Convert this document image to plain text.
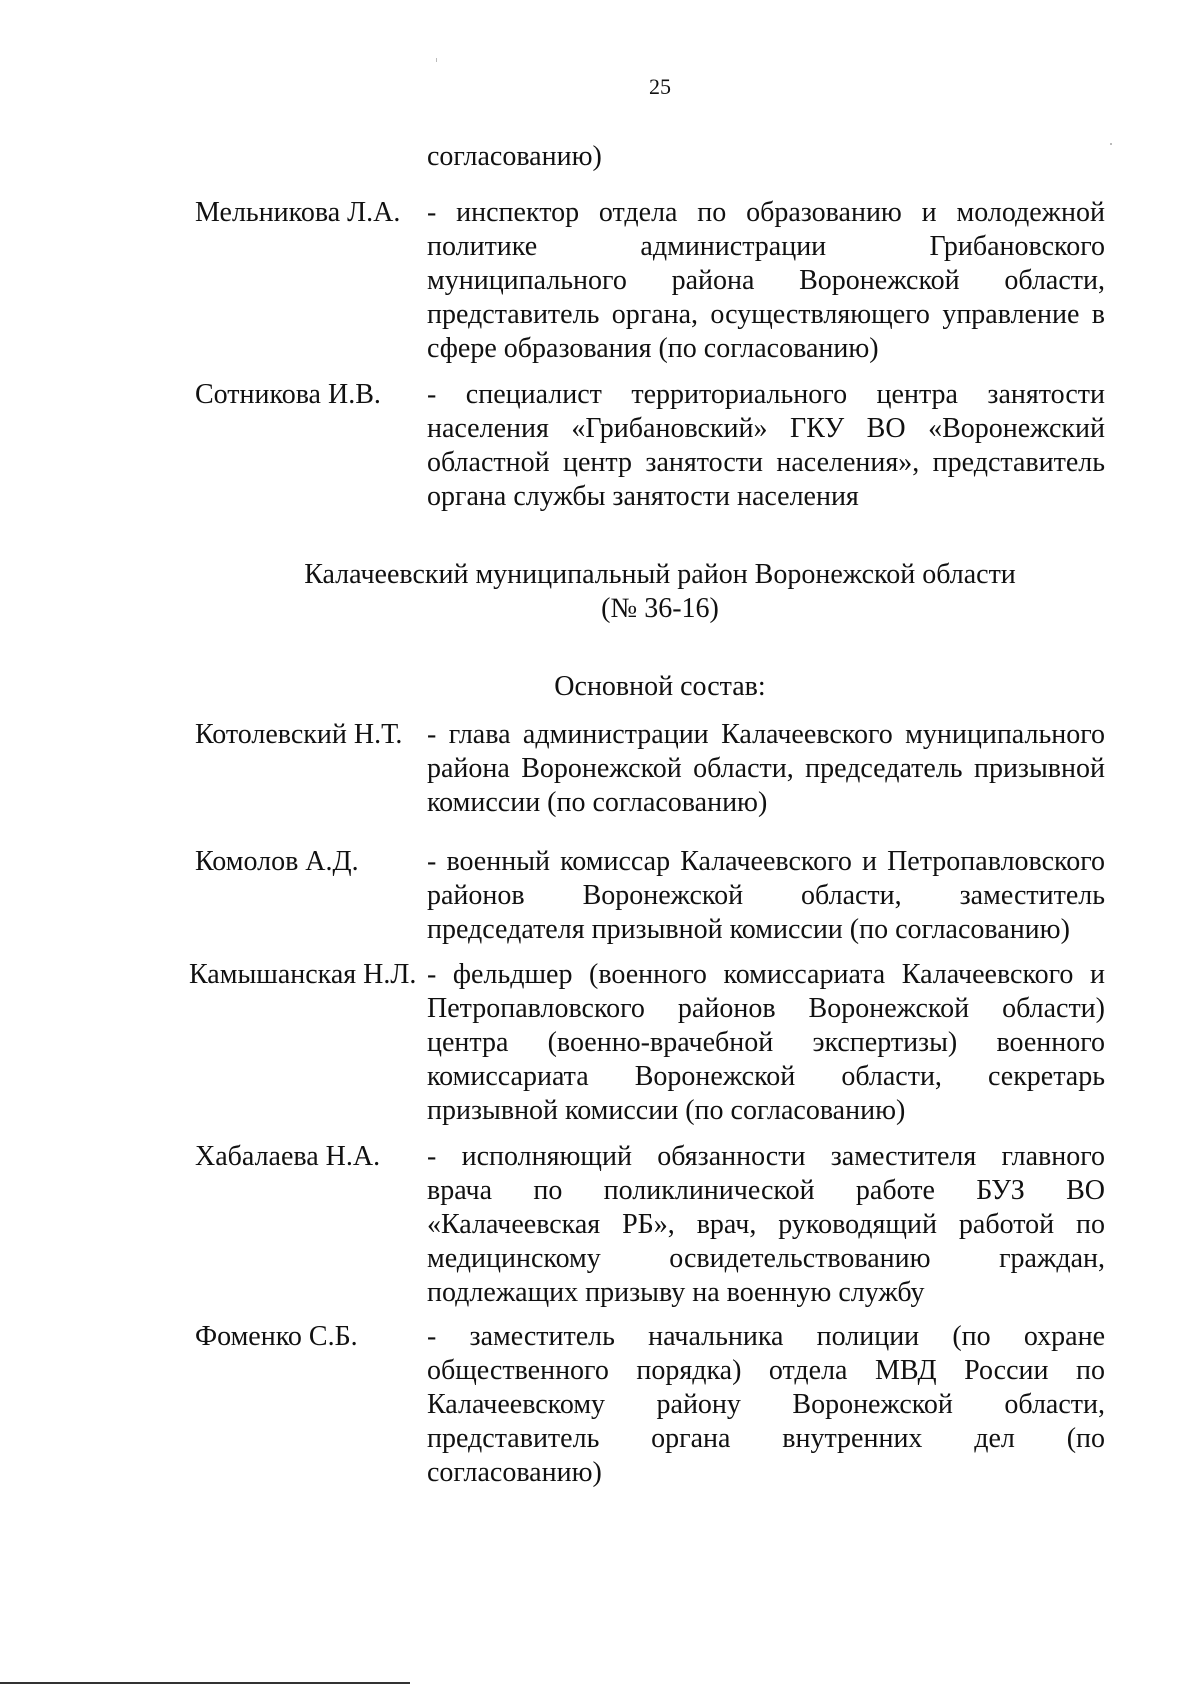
25
согласованию)
Мельникова Л.А. - инспектор отдела по образованию и молодежной
политике администрации Грибановского
муниципального района Воронежской области,
представитель органа, осуществляющего управление в
сфере образования (по согласованию)
Сотникова И.В. - специалист территориального центра занятости
населения «Грибановский» ГКУ ВО «Воронежский
областной центр занятости населения», представитель
органа службы занятости населения
Калачеевский муниципальный район Воронежской области
(№ 36-16)
Основной состав:
Котолевский Н.Т. - глава администрации Калачеевского муниципального
района Воронежской области, председатель призывной
комиссии (по согласованию)
Комолов А.Д. - военный комиссар Калачеевского и Петропавловского
районов Воронежской области, заместитель
председателя призывной комиссии (по согласованию)
Камышанская Н.Л. - фельдшер (военного комиссариата Калачеевского и
Петропавловского районов Воронежской области)
центра (военно-врачебной экспертизы) военного
комиссариата Воронежской области, секретарь
призывной комиссии (по согласованию)
Хабалаева Н.А. - исполняющий обязанности заместителя главного
врача по поликлинической работе БУЗ ВО
«Калачеевская РБ», врач, руководящий работой по
медицинскому освидетельствованию граждан,
подлежащих призыву на военную службу
Фоменко С.Б. - заместитель начальника полиции (по охране
общественного порядка) отдела МВД России по
Калачеевскому району Воронежской области,
представитель органа внутренних дел (по
согласованию)
